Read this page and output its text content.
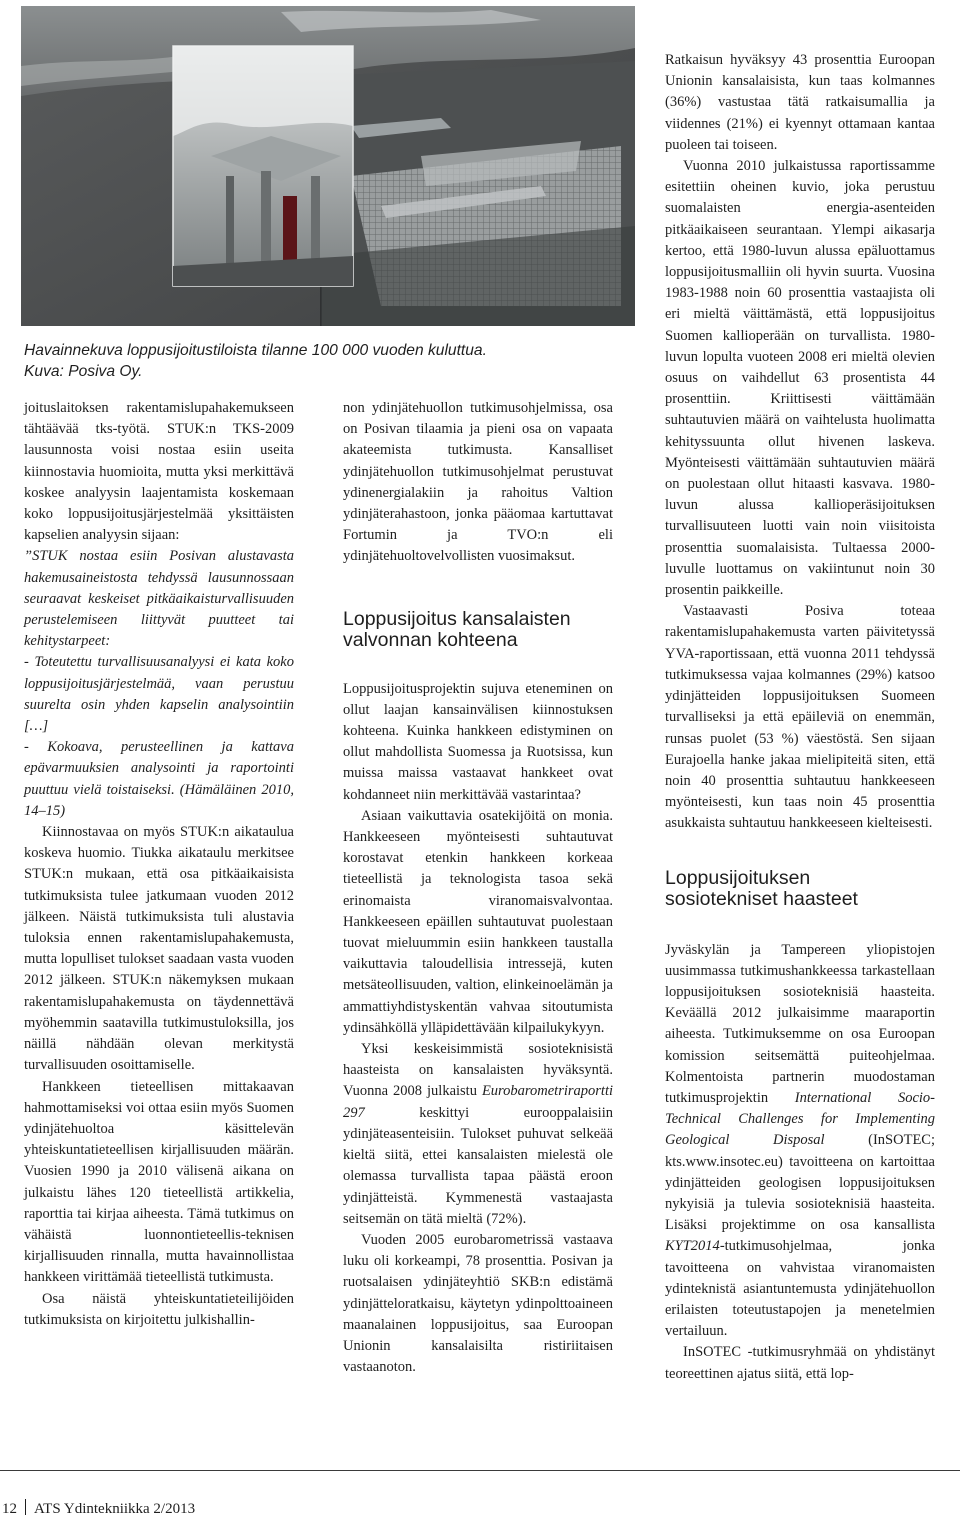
Havainnekuva loppusijoitustiloista tilanne 100 000 vuoden kuluttua.
Kuva: Posiva Oy.

joituslaitoksen rakentamislupahakemukseen tähtäävää tks-työtä. STUK:n TKS-2009 lausunnosta voisi nostaa esiin useita kiinnostavia huomioita, mutta yksi merkittävä koskee analyysin laajentamista koskemaan koko loppusijoitusjärjestelmää yksittäisten kapselien analyysin sijaan:

”STUK nostaa esiin Posivan alustavasta hakemusaineistosta tehdyssä lausunnossaan seuraavat keskeiset pitkäaikaisturvallisuuden perustelemiseen liittyvät puutteet tai kehitystarpeet:

- Toteutettu turvallisuusanalyysi ei kata koko loppusijoitusjärjestelmää, vaan perustuu suurelta osin yhden kapselin analysointiin […]

- Kokoava, perusteellinen ja kattava epävarmuuksien analysointi ja raportointi puuttuu vielä toistaiseksi. (Hämäläinen 2010, 14–15)

Kiinnostavaa on myös STUK:n aikataulua koskeva huomio. Tiukka aikataulu merkitsee STUK:n mukaan, että osa pitkäaikaisista tutkimuksista tulee jatkumaan vuoden 2012 jälkeen. Näistä tutkimuksista tuli alustavia tuloksia ennen rakentamislupahakemusta, mutta lopulliset tulokset saadaan vasta vuoden 2012 jälkeen. STUK:n näkemyksen mukaan rakentamislupahakemusta on täydennettävä myöhemmin saatavilla tutkimustuloksilla, jos näillä nähdään olevan merkitystä turvallisuuden osoittamiselle.

Hankkeen tieteellisen mittakaavan hahmottamiseksi voi ottaa esiin myös Suomen ydinjätehuoltoa käsittelevän yhteiskuntatieteellisen kirjallisuuden määrän. Vuosien 1990 ja 2010 välisenä aikana on julkaistu lähes 120 tieteellistä artikkelia, raporttia tai kirjaa aiheesta. Tämä tutkimus on vähäistä luonnontieteellis-teknisen kirjallisuuden rinnalla, mutta havainnollistaa hankkeen virittämää tieteellistä tutkimusta.

Osa näistä yhteiskuntatieteilijöiden tutkimuksista on kirjoitettu julkishallin-

non ydinjätehuollon tutkimusohjelmissa, osa on Posivan tilaamia ja pieni osa on vapaata akateemista tutkimusta. Kansalliset ydinjätehuollon tutkimusohjelmat perustuvat ydinenergialakiin ja rahoitus Valtion ydinjäterahastoon, jonka pääomaa kartuttavat Fortumin ja TVO:n eli ydinjätehuoltovelvollisten vuosimaksut.

Loppusijoitus kansalaisten
valvonnan kohteena

Loppusijoitusprojektin sujuva eteneminen on ollut laajan kansainvälisen kiinnostuksen kohteena. Kuinka hankkeen edistyminen on ollut mahdollista Suomessa ja Ruotsissa, kun muissa maissa vastaavat hankkeet ovat kohdanneet niin merkittävää vastarintaa?

Asiaan vaikuttavia osatekijöitä on monia. Hankkeeseen myönteisesti suhtautuvat korostavat etenkin hankkeen korkeaa tieteellistä ja teknologista tasoa sekä erinomaista viranomaisvalvontaa. Hankkeeseen epäillen suhtautuvat puolestaan tuovat mieluummin esiin hankkeen taustalla vaikuttavia taloudellisia intressejä, kuten metsäteollisuuden, valtion, elinkeinoelämän ja ammattiyhdistyskentän vahvaa sitoutumista ydinsähköllä ylläpidettävään kilpailukykyyn.

Yksi keskeisimmistä sosioteknisistä haasteista on kansalaisten hyväksyntä. Vuonna 2008 julkaistu Eurobarometriraportti 297 keskittyi eurooppalaisiin ydinjäteasenteisiin. Tulokset puhuvat selkeää kieltä siitä, ettei kansalaisten mielestä ole olemassa turvallista tapaa päästä eroon ydinjätteistä. Kymmenestä vastaajasta seitsemän on tätä mieltä (72%).

Vuoden 2005 eurobarometrissä vastaava luku oli korkeampi, 78 prosenttia. Posivan ja ruotsalaisen ydinjäteyhtiö SKB:n edistämä ydinjätteloratkaisu, käytetyn ydinpolttoaineen maanalainen loppusijoitus, saa Euroopan Unionin kansalaisilta ristiriitaisen vastaanoton.

Ratkaisun hyväksyy 43 prosenttia Euroopan Unionin kansalaisista, kun taas kolmannes (36%) vastustaa tätä ratkaisumallia ja viidennes (21%) ei kyennyt ottamaan kantaa puoleen tai toiseen.

Vuonna 2010 julkaistussa raportissamme esitettiin oheinen kuvio, joka perustuu suomalaisten energia-asenteiden pitkäaikaiseen seurantaan. Ylempi aikasarja kertoo, että 1980-luvun alussa epäluottamus loppusijoitusmalliin oli hyvin suurta. Vuosina 1983-1988 noin 60 prosenttia vastaajista oli eri mieltä väittämästä, että loppusijoitus Suomen kallioperään on turvallista. 1980-luvun lopulta vuoteen 2008 eri mieltä olevien osuus on vaihdellut 63 prosentista 44 prosenttiin. Kriittisesti väittämään suhtautuvien määrä on vaihtelusta huolimatta kehityssuunta ollut hivenen laskeva. Myönteisesti väittämään suhtautuvien määrä on puolestaan ollut hitaasti kasvava. 1980-luvun alussa kallioperäsijoituksen turvallisuuteen luotti vain noin viisitoista prosenttia suomalaisista. Tultaessa 2000-luvulle luottamus on vakiintunut noin 30 prosentin paikkeille.

Vastaavasti Posiva toteaa rakentamislupahakemusta varten päivitetyssä YVA-raportissaan, että vuonna 2011 tehdyssä tutkimuksessa vajaa kolmannes (29%) katsoo ydinjätteiden loppusijoituksen Suomeen turvalliseksi ja että epäileviä on enemmän, runsas puolet (53 %) väestöstä. Sen sijaan Eurajoella hanke jakaa mielipiteitä siten, että noin 40 prosenttia suhtautuu hankkeeseen myönteisesti, kun taas noin 45 prosenttia asukkaista suhtautuu hankkeeseen kielteisesti.

Loppusijoituksen
sosiotekniset haasteet

Jyväskylän ja Tampereen yliopistojen uusimmassa tutkimushankkeessa tarkastellaan loppusijoituksen sosioteknisiä haasteita. Keväällä 2012 julkaisimme maaraportin aiheesta. Tutkimuksemme on osa Euroopan komission seitsemättä puiteohjelmaa. Kolmentoista partnerin muodostaman tutkimusprojektin International Socio-Technical Challenges for Implementing Geological Disposal (InSOTEC; kts.www.insotec.eu) tavoitteena on kartoittaa ydinjätteiden geologisen loppusijoituksen nykyisiä ja tulevia sosioteknisiä haasteita. Lisäksi projektimme on osa kansallista KYT2014-tutkimusohjelmaa, jonka tavoitteena on vahvistaa viranomaisten ydinteknistä asiantuntemusta ydinjätehuollon erilaisten toteutustapojen ja menetelmien vertailuun.

InSOTEC -tutkimusryhmää on yhdistänyt teoreettinen ajatus siitä, että lop-

12 ATS Ydintekniikka 2/2013
